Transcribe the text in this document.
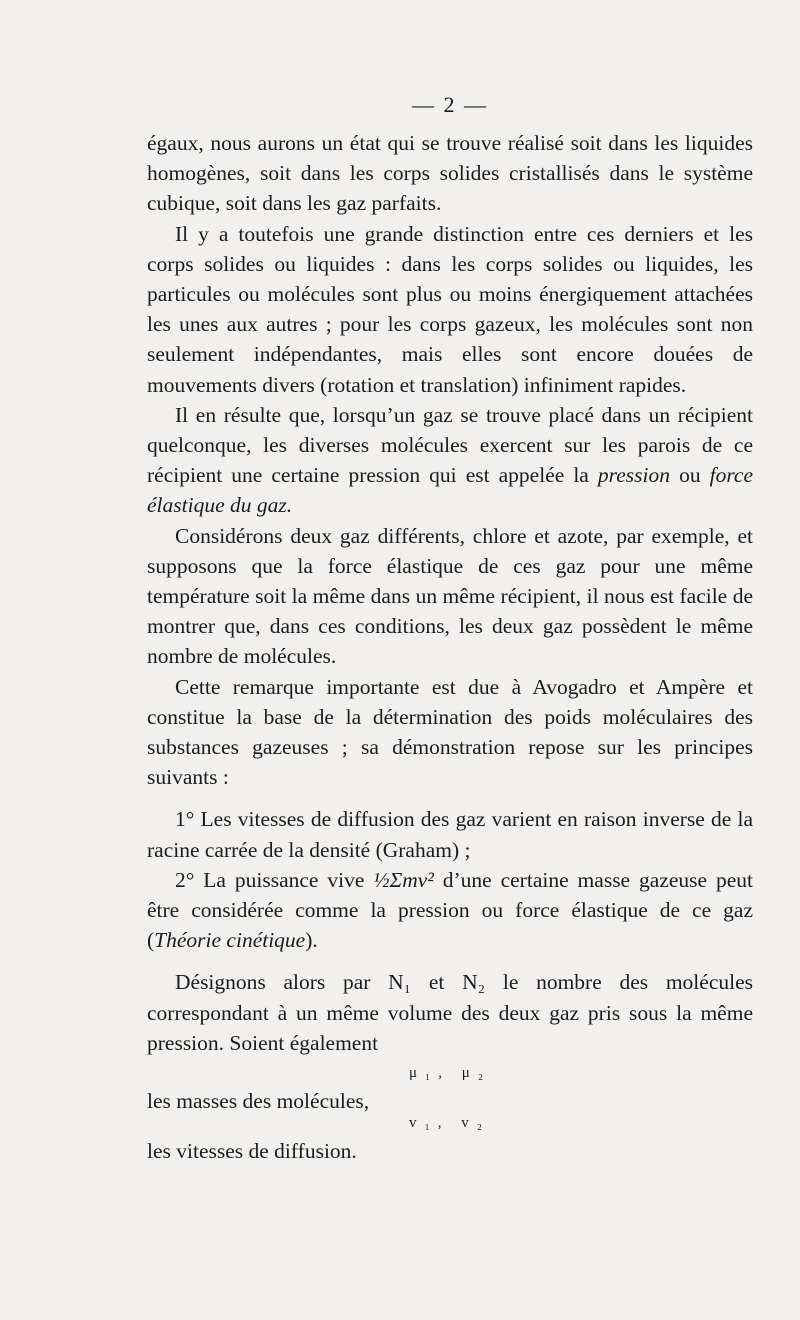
— 2 —

égaux, nous aurons un état qui se trouve réalisé soit dans les liquides homogènes, soit dans les corps solides cristallisés dans le système cubique, soit dans les gaz parfaits.

Il y a toutefois une grande distinction entre ces derniers et les corps solides ou liquides : dans les corps solides ou liquides, les particules ou molécules sont plus ou moins énergiquement attachées les unes aux autres ; pour les corps gazeux, les molécules sont non seulement indépendantes, mais elles sont encore douées de mouvements divers (rotation et translation) infiniment rapides.

Il en résulte que, lorsqu’un gaz se trouve placé dans un récipient quelconque, les diverses molécules exercent sur les parois de ce récipient une certaine pression qui est appelée la pression ou force élastique du gaz.

Considérons deux gaz différents, chlore et azote, par exemple, et supposons que la force élastique de ces gaz pour une même température soit la même dans un même récipient, il nous est facile de montrer que, dans ces conditions, les deux gaz possèdent le même nombre de molécules.

Cette remarque importante est due à Avogadro et Ampère et constitue la base de la détermination des poids moléculaires des substances gazeuses ; sa démonstration repose sur les principes suivants :

1° Les vitesses de diffusion des gaz varient en raison inverse de la racine carrée de la densité (Graham) ;

2° La puissance vive ½Σmv² d’une certaine masse gazeuse peut être considérée comme la pression ou force élastique de ce gaz (Théorie cinétique).

Désignons alors par N₁ et N₂ le nombre des molécules correspondant à un même volume des deux gaz pris sous la même pression. Soient également

μ₁, μ₂
les masses des molécules,
v₁, v₂
les vitesses de diffusion.
